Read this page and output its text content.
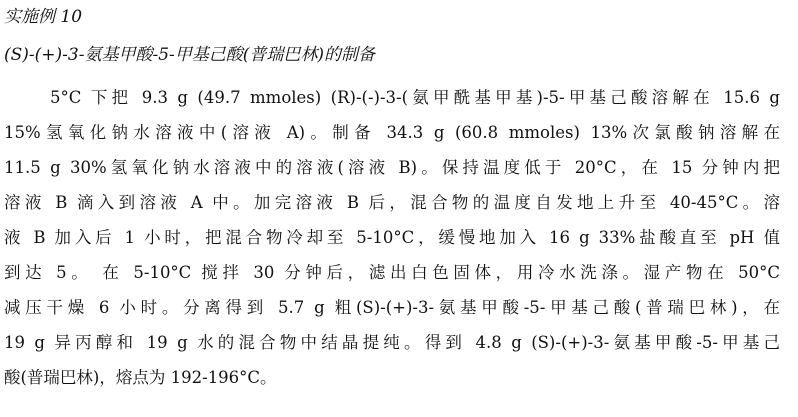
实施例 10
(S)-(+)-3-氨基甲酸-5-甲基己酸(普瑞巴林)的制备
5°C 下把 9.3 g (49.7 mmoles) (R)-(-)-3-(氨甲酰基甲基)-5-甲基己酸溶解在 15.6 g
15%氢氧化钠水溶液中(溶液 A)。制备 34.3 g (60.8 mmoles) 13%次氯酸钠溶解在
11.5 g 30%氢氧化钠水溶液中的溶液(溶液 B)。保持温度低于 20°C，在 15 分钟内把
溶液 B 滴入到溶液 A 中。加完溶液 B 后，混合物的温度自发地上升至 40-45°C。溶
液 B 加入后 1 小时，把混合物冷却至 5-10°C，缓慢地加入 16 g 33%盐酸直至 pH 值
到达 5。 在 5-10°C 搅拌 30 分钟后，滤出白色固体，用冷水洗涤。湿产物在 50°C
减压干燥 6 小时。分离得到 5.7 g 粗(S)-(+)-3-氨基甲酸-5-甲基己酸(普瑞巴林)，在
19 g 异丙醇和 19 g 水的混合物中结晶提纯。得到 4.8 g (S)-(+)-3-氨基甲酸-5-甲基己
酸(普瑞巴林)，熔点为 192-196°C。
